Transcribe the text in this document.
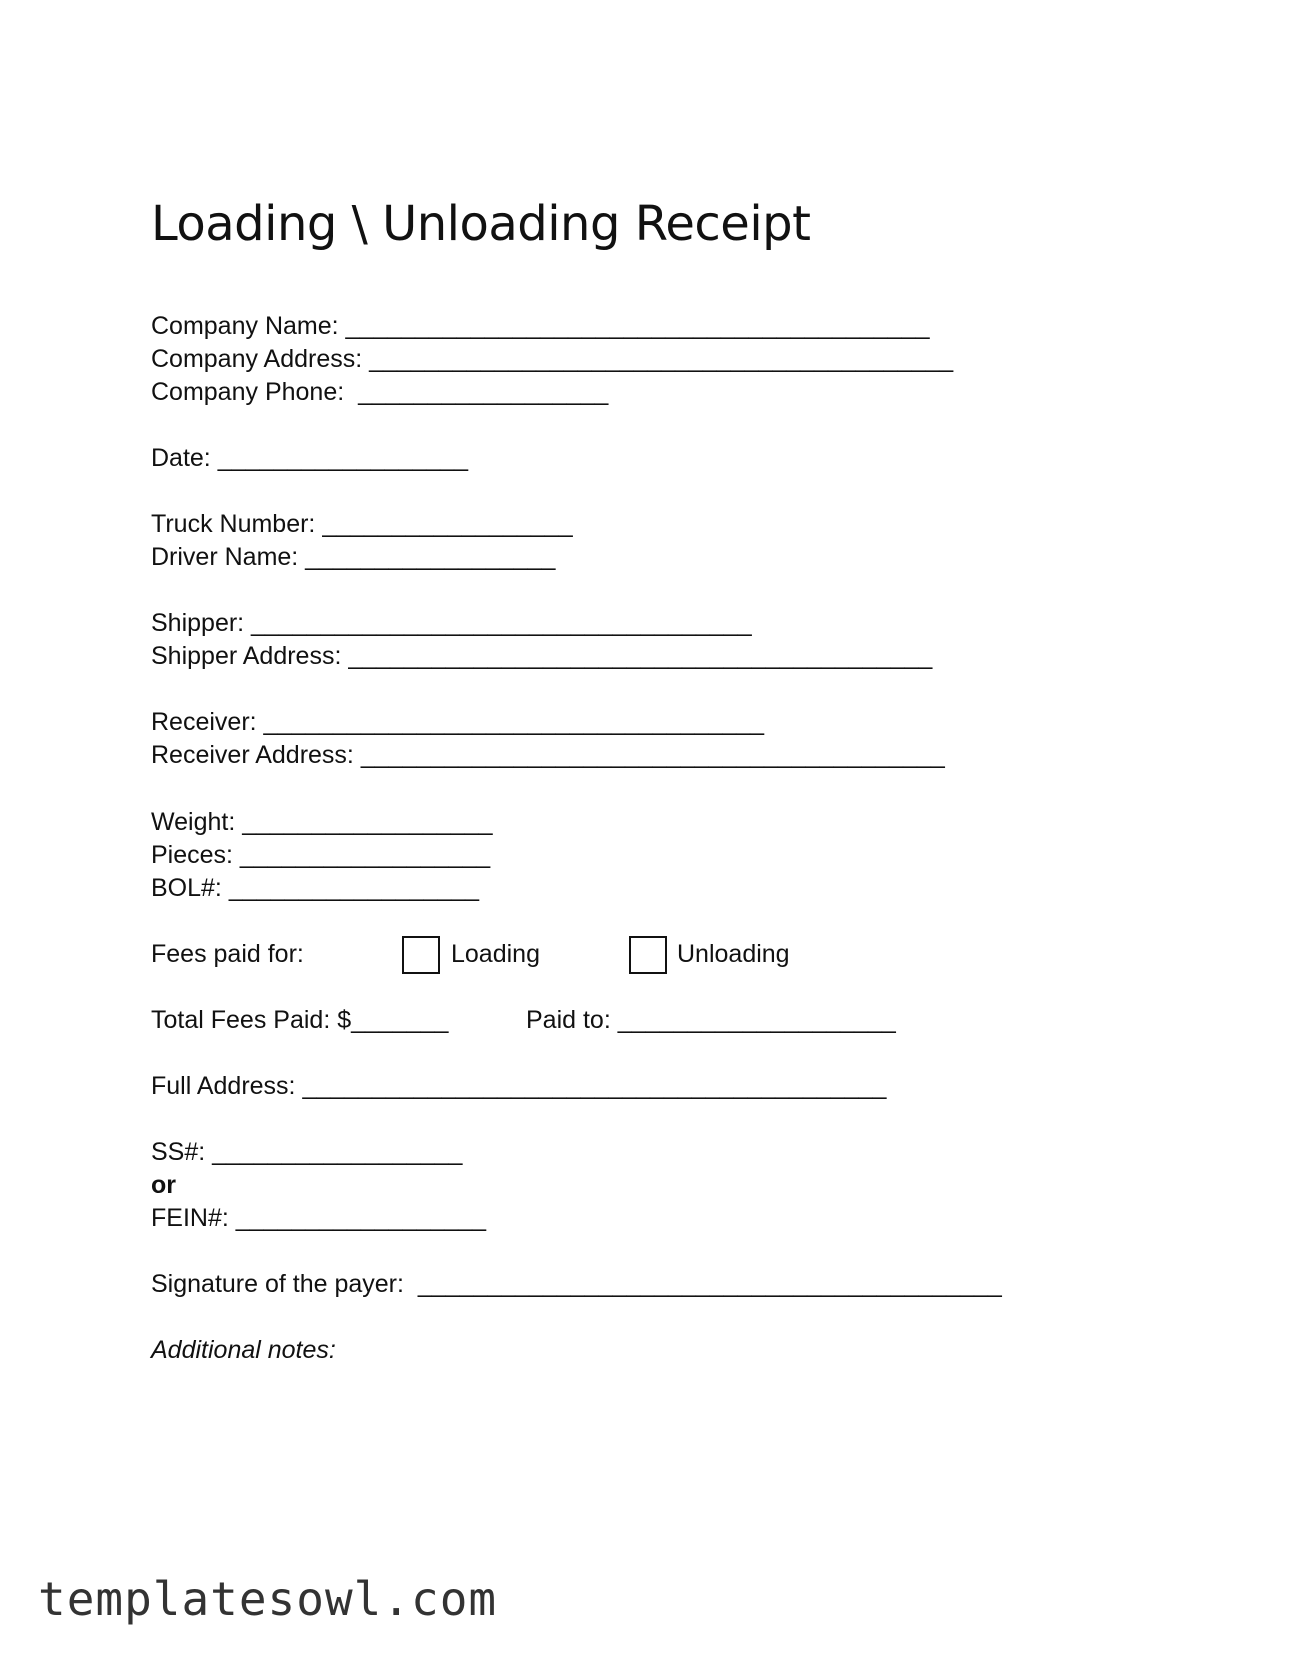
Loading \ Unloading Receipt
Company Name: __________________________________________
Company Address: __________________________________________
Company Phone:  __________________
Date: __________________
Truck Number: __________________
Driver Name: __________________
Shipper: ____________________________________
Shipper Address: __________________________________________
Receiver: ____________________________________
Receiver Address: __________________________________________
Weight: __________________
Pieces: __________________
BOL#: __________________
Fees paid for:	Loading	Unloading
Total Fees Paid: $_______	Paid to: ____________________
Full Address: __________________________________________
SS#: __________________
or
FEIN#: __________________
Signature of the payer:  __________________________________________
Additional notes:
templatesowl.com
